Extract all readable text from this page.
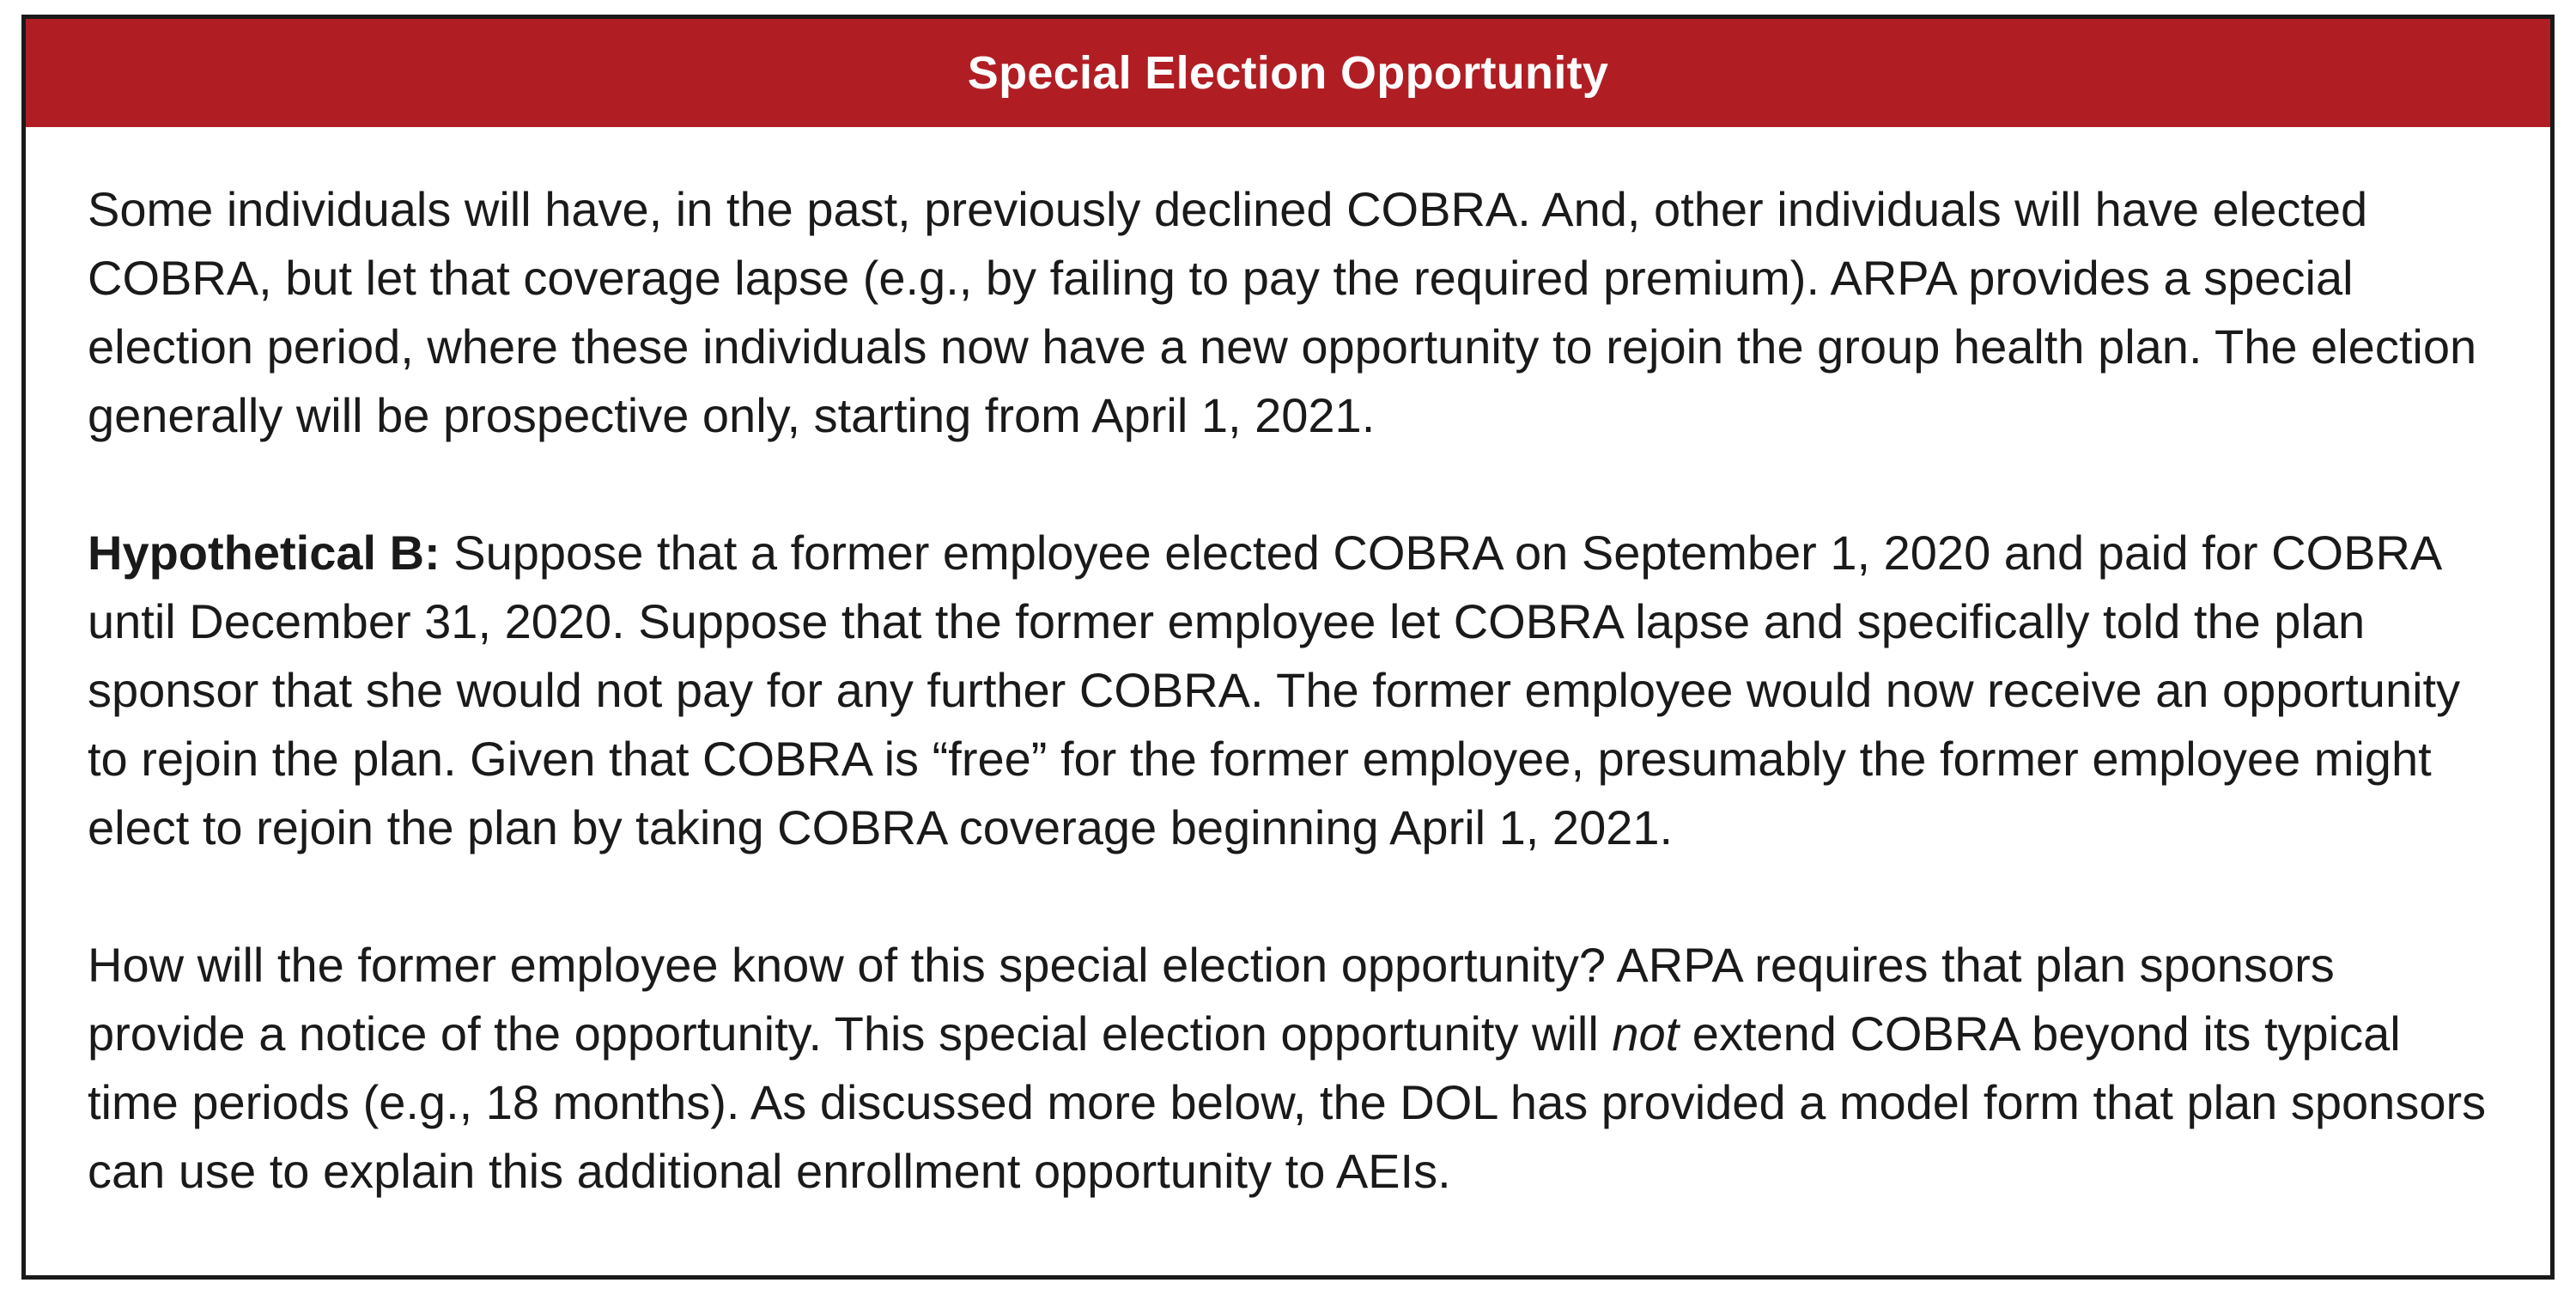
Special Election Opportunity

Some individuals will have, in the past, previously declined COBRA. And, other individuals will have elected COBRA, but let that coverage lapse (e.g., by failing to pay the required premium). ARPA provides a special election period, where these individuals now have a new opportunity to rejoin the group health plan. The election generally will be prospective only, starting from April 1, 2021.

Hypothetical B: Suppose that a former employee elected COBRA on September 1, 2020 and paid for COBRA until December 31, 2020. Suppose that the former employee let COBRA lapse and specifically told the plan sponsor that she would not pay for any further COBRA. The former employee would now receive an opportunity to rejoin the plan. Given that COBRA is “free” for the former employee, presumably the former employee might elect to rejoin the plan by taking COBRA coverage beginning April 1, 2021.

How will the former employee know of this special election opportunity? ARPA requires that plan sponsors provide a notice of the opportunity. This special election opportunity will not extend COBRA beyond its typical time periods (e.g., 18 months). As discussed more below, the DOL has provided a model form that plan sponsors can use to explain this additional enrollment opportunity to AEIs.
